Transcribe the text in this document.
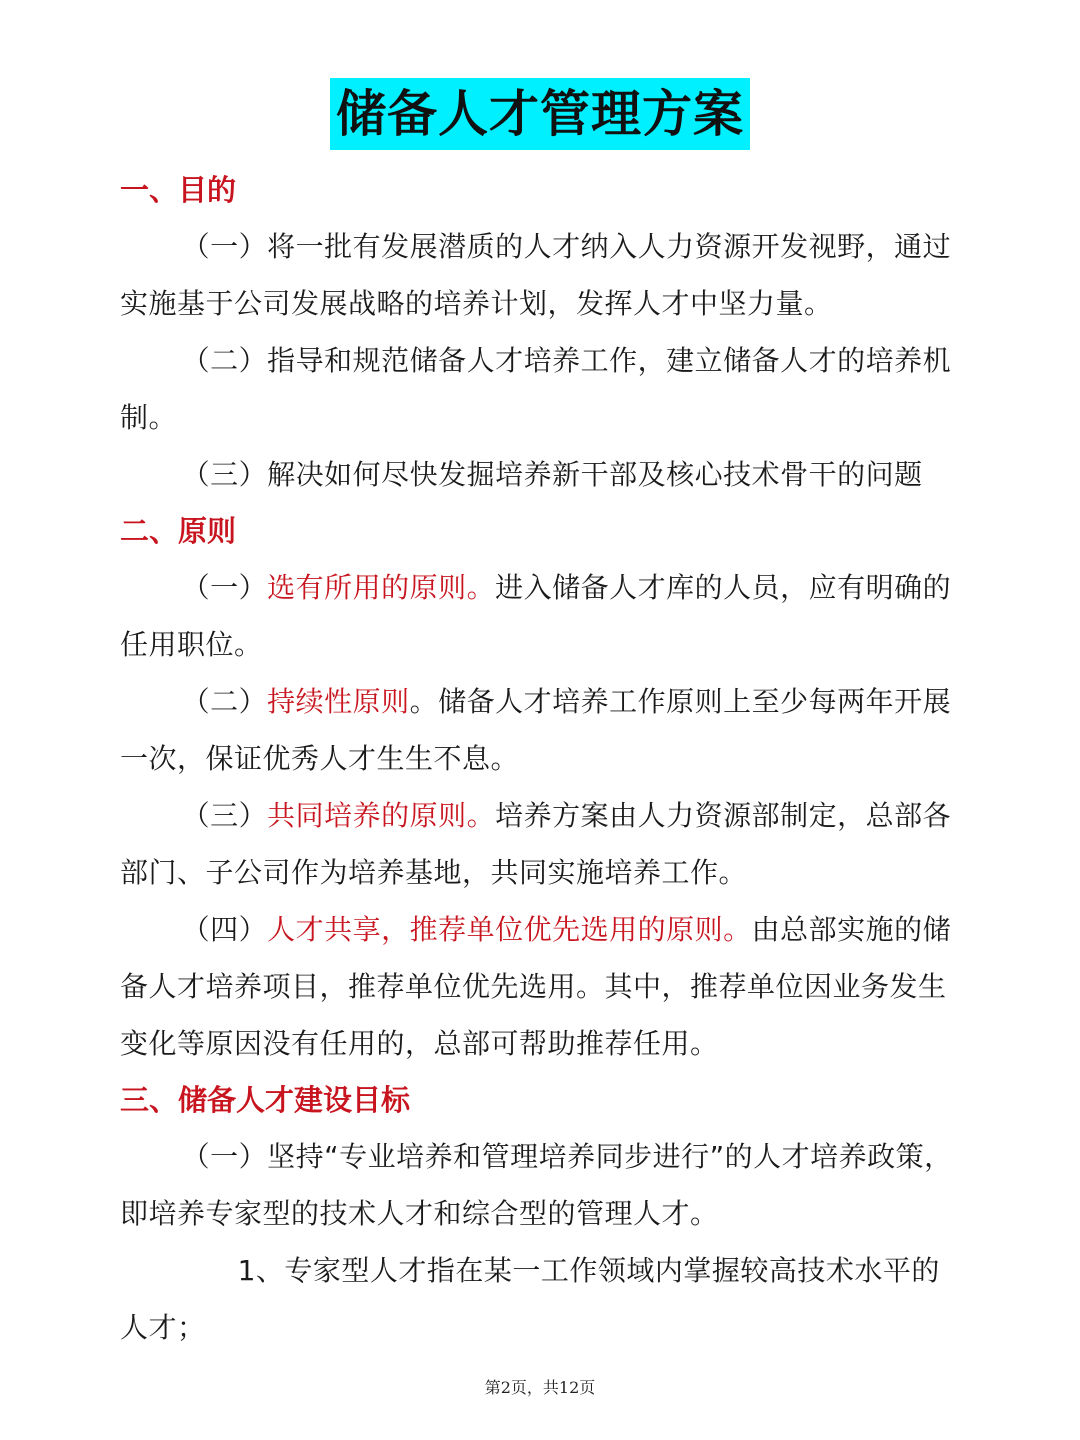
储备人才管理方案

一、目的

（一）将一批有发展潜质的人才纳入人力资源开发视野，通过实施基于公司发展战略的培养计划，发挥人才中坚力量。

（二）指导和规范储备人才培养工作，建立储备人才的培养机制。

（三）解决如何尽快发掘培养新干部及核心技术骨干的问题

二、原则

（一）选有所用的原则。进入储备人才库的人员，应有明确的任用职位。

（二）持续性原则。储备人才培养工作原则上至少每两年开展一次，保证优秀人才生生不息。

（三）共同培养的原则。培养方案由人力资源部制定，总部各部门、子公司作为培养基地，共同实施培养工作。

（四）人才共享，推荐单位优先选用的原则。由总部实施的储备人才培养项目，推荐单位优先选用。其中，推荐单位因业务发生变化等原因没有任用的，总部可帮助推荐任用。

三、储备人才建设目标

（一）坚持“专业培养和管理培养同步进行”的人才培养政策，即培养专家型的技术人才和综合型的管理人才。

1、专家型人才指在某一工作领域内掌握较高技术水平的人才；

第2页，共12页
